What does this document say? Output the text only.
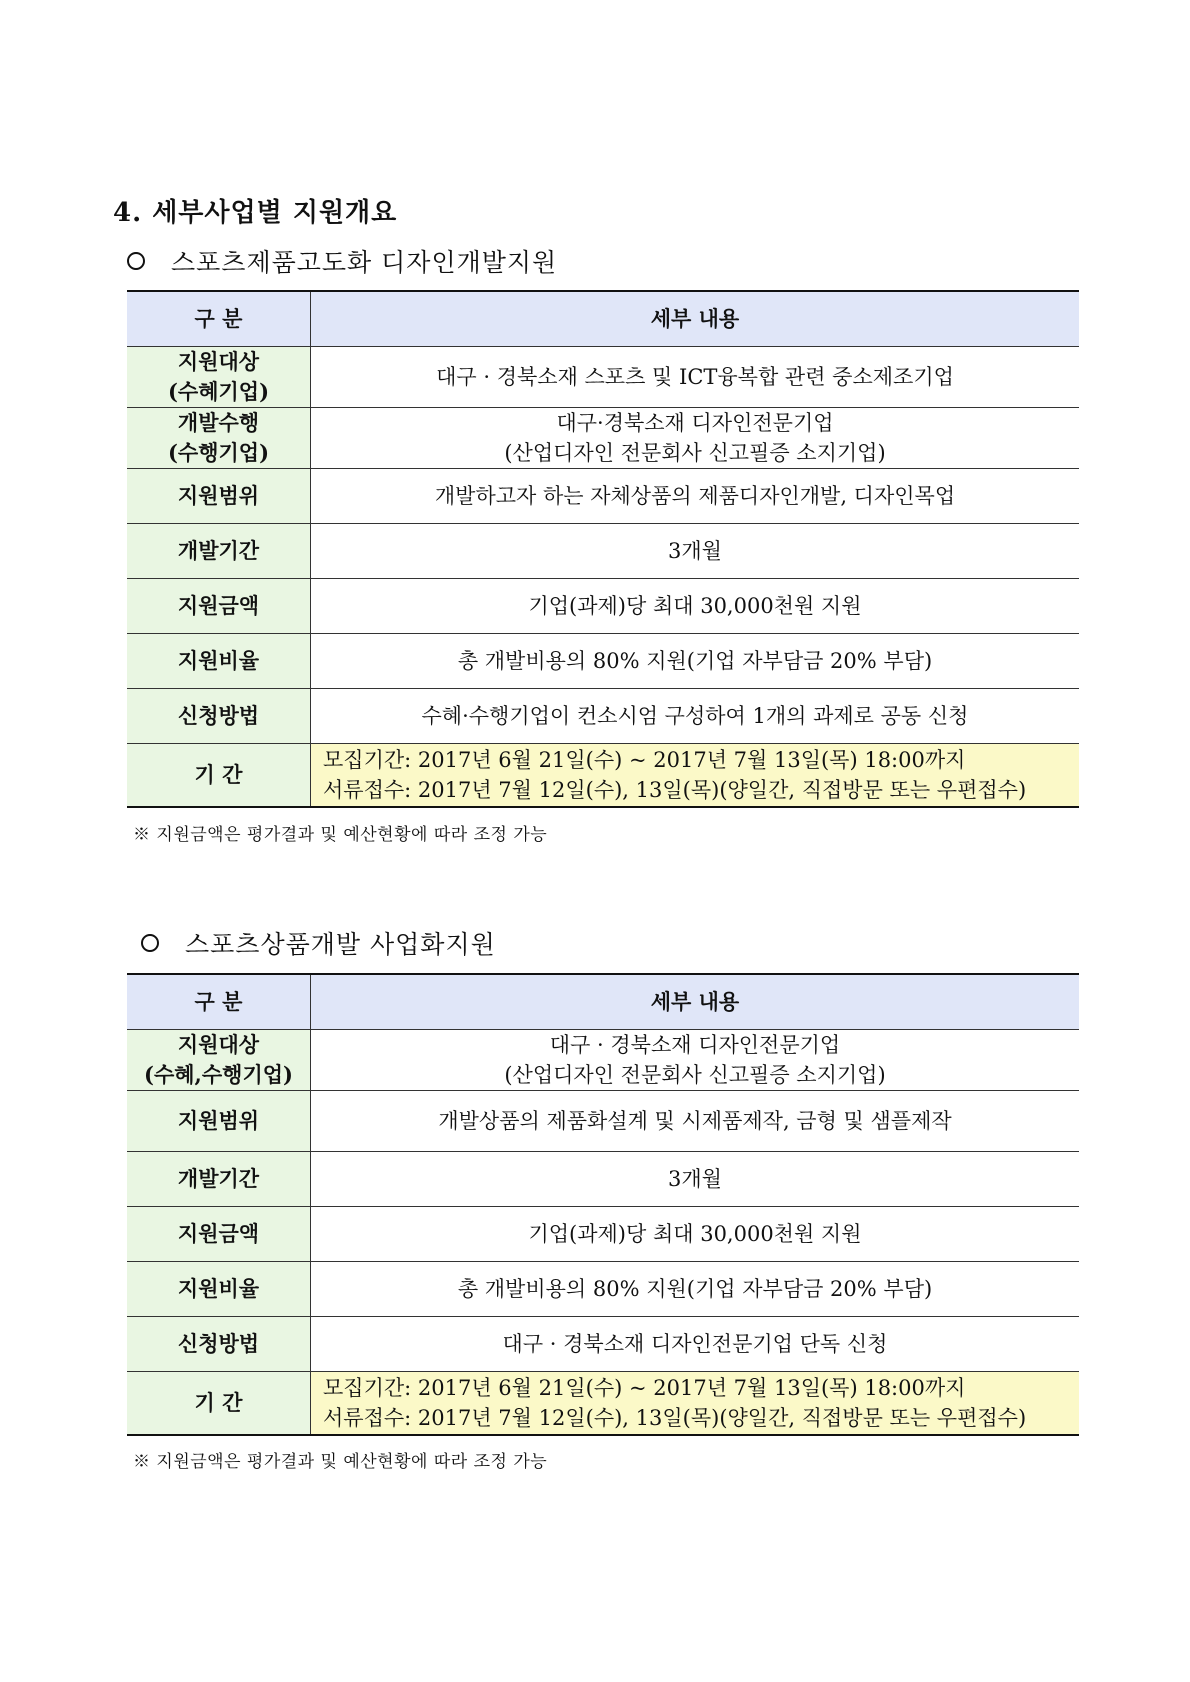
4. 세부사업별 지원개요
스포츠제품고도화 디자인개발지원
구 분	세부 내용

지원대상
(수혜기업)	대구 · 경북소재 스포츠 및 ICT융복합 관련 중소제조기업

개발수행
(수행기업)	대구·경북소재 디자인전문기업
(산업디자인 전문회사 신고필증 소지기업)

지원범위	개발하고자 하는 자체상품의 제품디자인개발, 디자인목업
개발기간	3개월
지원금액	기업(과제)당 최대 30,000천원 지원
지원비율	총 개발비용의 80% 지원(기업 자부담금 20% 부담)
신청방법	수혜·수행기업이 컨소시엄 구성하여 1개의 과제로 공동 신청
기 간	모집기간: 2017년 6월 21일(수) ~ 2017년 7월 13일(목) 18:00까지
서류접수: 2017년 7월 12일(수), 13일(목)(양일간, 직접방문 또는 우편접수)
※ 지원금액은 평가결과 및 예산현황에 따라 조정 가능
스포츠상품개발 사업화지원
구 분	세부 내용

지원대상
(수혜,수행기업)	대구 · 경북소재 디자인전문기업
(산업디자인 전문회사 신고필증 소지기업)

지원범위	개발상품의 제품화설계 및 시제품제작, 금형 및 샘플제작
개발기간	3개월
지원금액	기업(과제)당 최대 30,000천원 지원
지원비율	총 개발비용의 80% 지원(기업 자부담금 20% 부담)
신청방법	대구 · 경북소재 디자인전문기업 단독 신청
기 간	모집기간: 2017년 6월 21일(수) ~ 2017년 7월 13일(목) 18:00까지
서류접수: 2017년 7월 12일(수), 13일(목)(양일간, 직접방문 또는 우편접수)
※ 지원금액은 평가결과 및 예산현황에 따라 조정 가능
